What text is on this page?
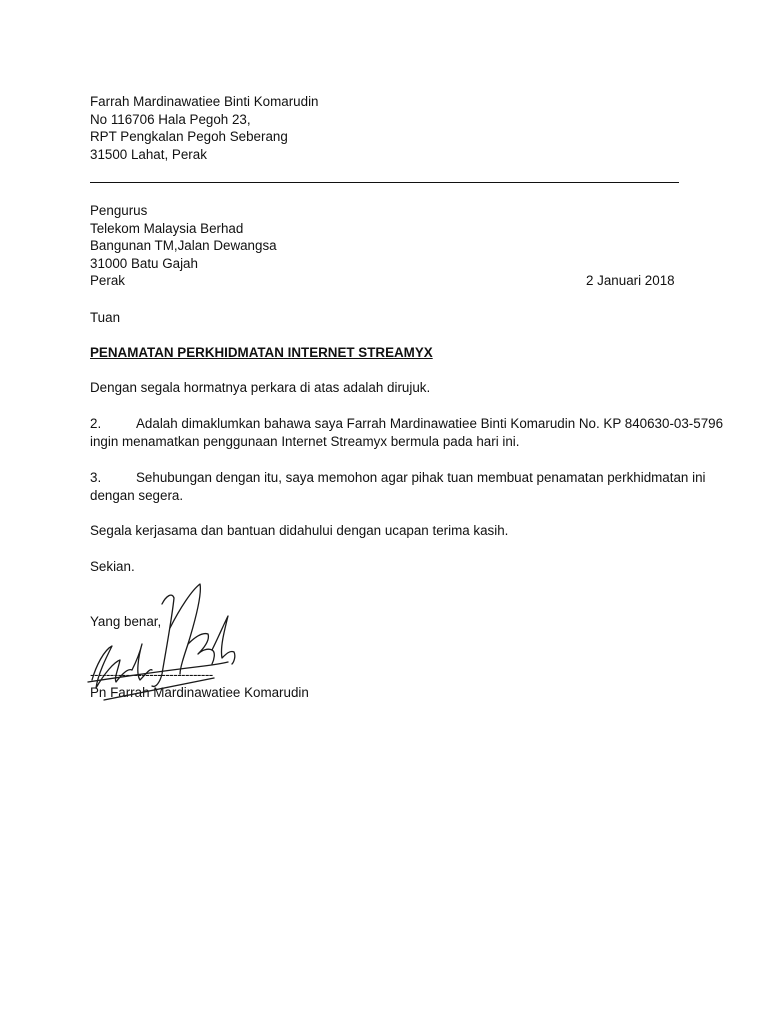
Farrah Mardinawatiee Binti Komarudin
No 116706 Hala Pegoh 23,
RPT Pengkalan Pegoh Seberang
31500 Lahat, Perak
Pengurus
Telekom Malaysia Berhad
Bangunan TM,Jalan Dewangsa
31000 Batu Gajah
Perak	2 Januari 2018
Tuan
PENAMATAN PERKHIDMATAN INTERNET STREAMYX
Dengan segala hormatnya perkara di atas adalah dirujuk.
2.	Adalah dimaklumkan bahawa saya Farrah Mardinawatiee Binti Komarudin No. KP 840630-03-5796
ingin menamatkan penggunaan Internet Streamyx bermula pada hari ini.
3.	Sehubungan dengan itu, saya memohon agar pihak tuan membuat penamatan perkhidmatan ini
dengan segera.
Segala kerjasama dan bantuan didahului dengan ucapan terima kasih.
Sekian.
Yang benar,
-------------------------------
Pn Farrah Mardinawatiee Komarudin
